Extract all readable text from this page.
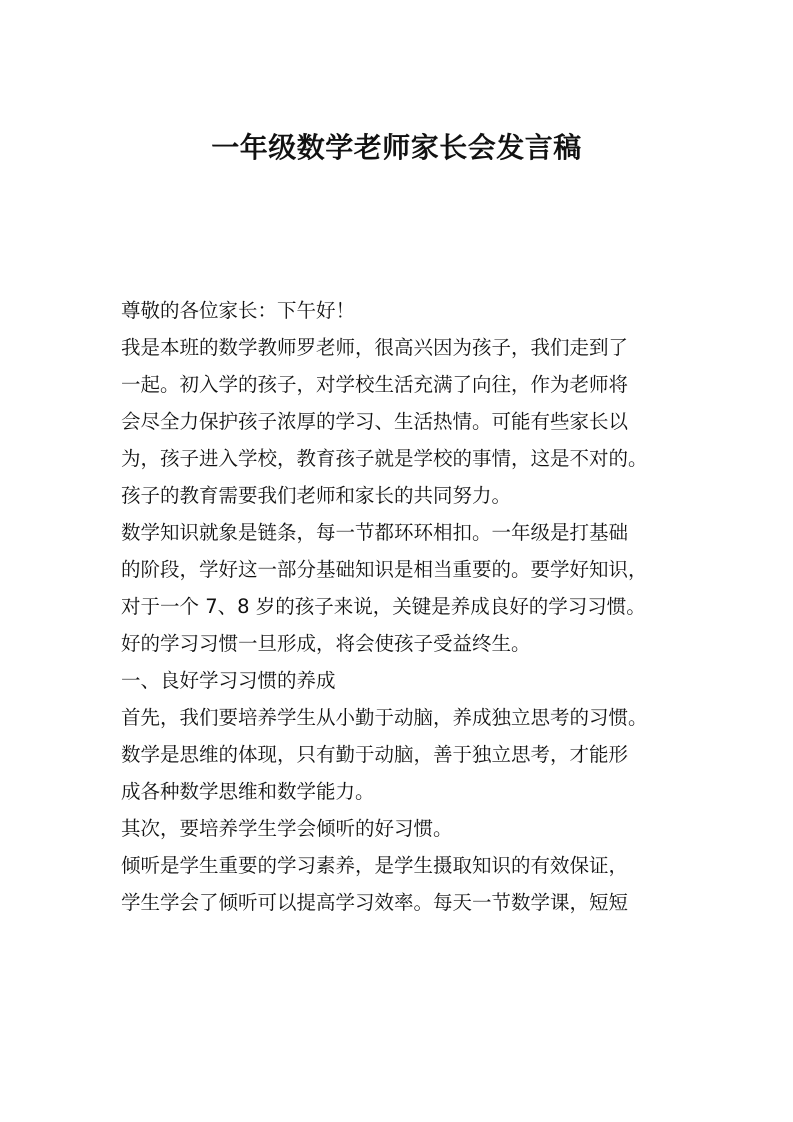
一年级数学老师家长会发言稿
尊敬的各位家长：下午好！
我是本班的数学教师罗老师，很高兴因为孩子，我们走到了
一起。初入学的孩子，对学校生活充满了向往，作为老师将
会尽全力保护孩子浓厚的学习、生活热情。可能有些家长以
为，孩子进入学校，教育孩子就是学校的事情，这是不对的。
孩子的教育需要我们老师和家长的共同努力。
数学知识就象是链条，每一节都环环相扣。一年级是打基础
的阶段，学好这一部分基础知识是相当重要的。要学好知识，
对于一个 7、8 岁的孩子来说，关键是养成良好的学习习惯。
好的学习习惯一旦形成，将会使孩子受益终生。
一、良好学习习惯的养成
首先，我们要培养学生从小勤于动脑，养成独立思考的习惯。
数学是思维的体现，只有勤于动脑，善于独立思考，才能形
成各种数学思维和数学能力。
其次，要培养学生学会倾听的好习惯。
倾听是学生重要的学习素养，是学生摄取知识的有效保证，
学生学会了倾听可以提高学习效率。每天一节数学课，短短
